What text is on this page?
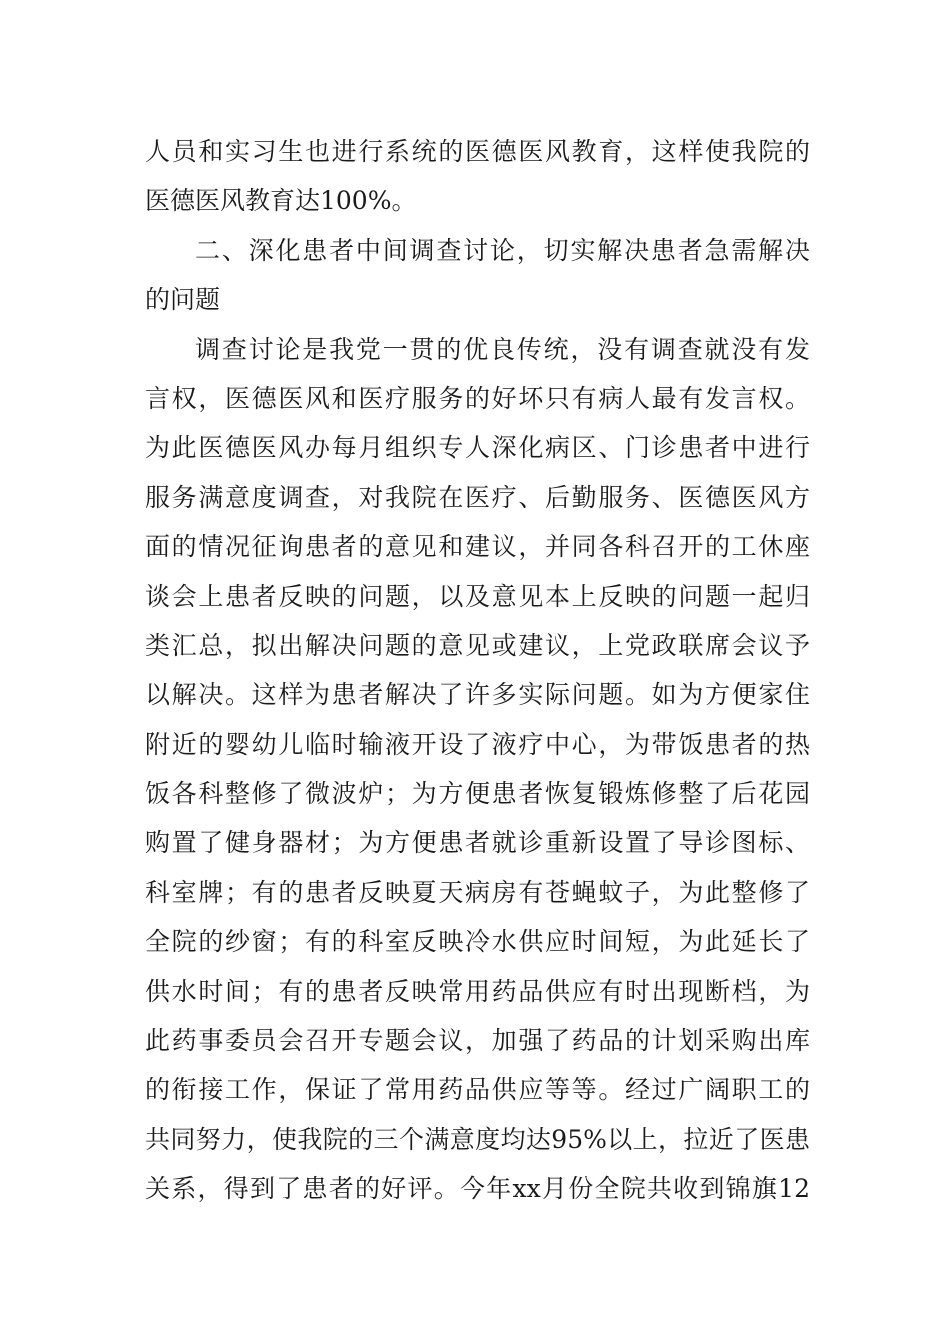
人员和实习生也进行系统的医德医风教育，这样使我院的
医德医风教育达100%。
二、深化患者中间调查讨论，切实解决患者急需解决
的问题
调查讨论是我党一贯的优良传统，没有调查就没有发
言权，医德医风和医疗服务的好坏只有病人最有发言权。
为此医德医风办每月组织专人深化病区、门诊患者中进行
服务满意度调查，对我院在医疗、后勤服务、医德医风方
面的情况征询患者的意见和建议，并同各科召开的工休座
谈会上患者反映的问题，以及意见本上反映的问题一起归
类汇总，拟出解决问题的意见或建议，上党政联席会议予
以解决。这样为患者解决了许多实际问题。如为方便家住
附近的婴幼儿临时输液开设了液疗中心，为带饭患者的热
饭各科整修了微波炉；为方便患者恢复锻炼修整了后花园
购置了健身器材；为方便患者就诊重新设置了导诊图标、
科室牌；有的患者反映夏天病房有苍蝇蚊子，为此整修了
全院的纱窗；有的科室反映冷水供应时间短，为此延长了
供水时间；有的患者反映常用药品供应有时出现断档，为
此药事委员会召开专题会议，加强了药品的计划采购出库
的衔接工作，保证了常用药品供应等等。经过广阔职工的
共同努力，使我院的三个满意度均达95%以上，拉近了医患
关系，得到了患者的好评。今年xx月份全院共收到锦旗12
